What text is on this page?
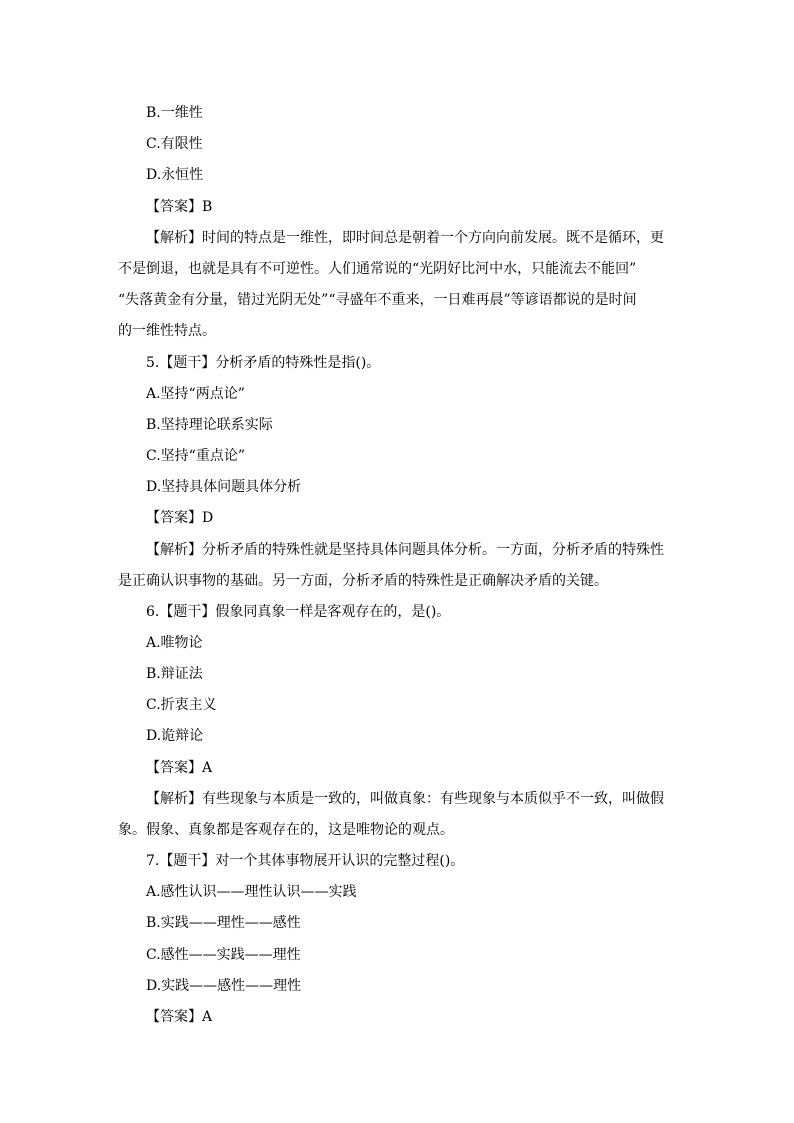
B.一维性
C.有限性
D.永恒性
【答案】B
【解析】时间的特点是一维性，即时间总是朝着一个方向向前发展。既不是循环，更
不是倒退，也就是具有不可逆性。人们通常说的“光阴好比河中水，只能流去不能回”
“失落黄金有分量，错过光阴无处”“寻盛年不重来，一日难再晨”等谚语都说的是时间
的一维性特点。
5.【题干】分析矛盾的特殊性是指()。
A.坚持“两点论”
B.坚持理论联系实际
C.坚持“重点论”
D.坚持具体问题具体分析
【答案】D
【解析】分析矛盾的特殊性就是坚持具体问题具体分析。一方面，分析矛盾的特殊性
是正确认识事物的基础。另一方面，分析矛盾的特殊性是正确解决矛盾的关键。
6.【题干】假象同真象一样是客观存在的，是()。
A.唯物论
B.辩证法
C.折衷主义
D.诡辩论
【答案】A
【解析】有些现象与本质是一致的，叫做真象：有些现象与本质似乎不一致，叫做假
象。假象、真象都是客观存在的，这是唯物论的观点。
7.【题干】对一个其体事物展开认识的完整过程()。
A.感性认识——理性认识——实践
B.实践——理性——感性
C.感性——实践——理性
D.实践——感性——理性
【答案】A
